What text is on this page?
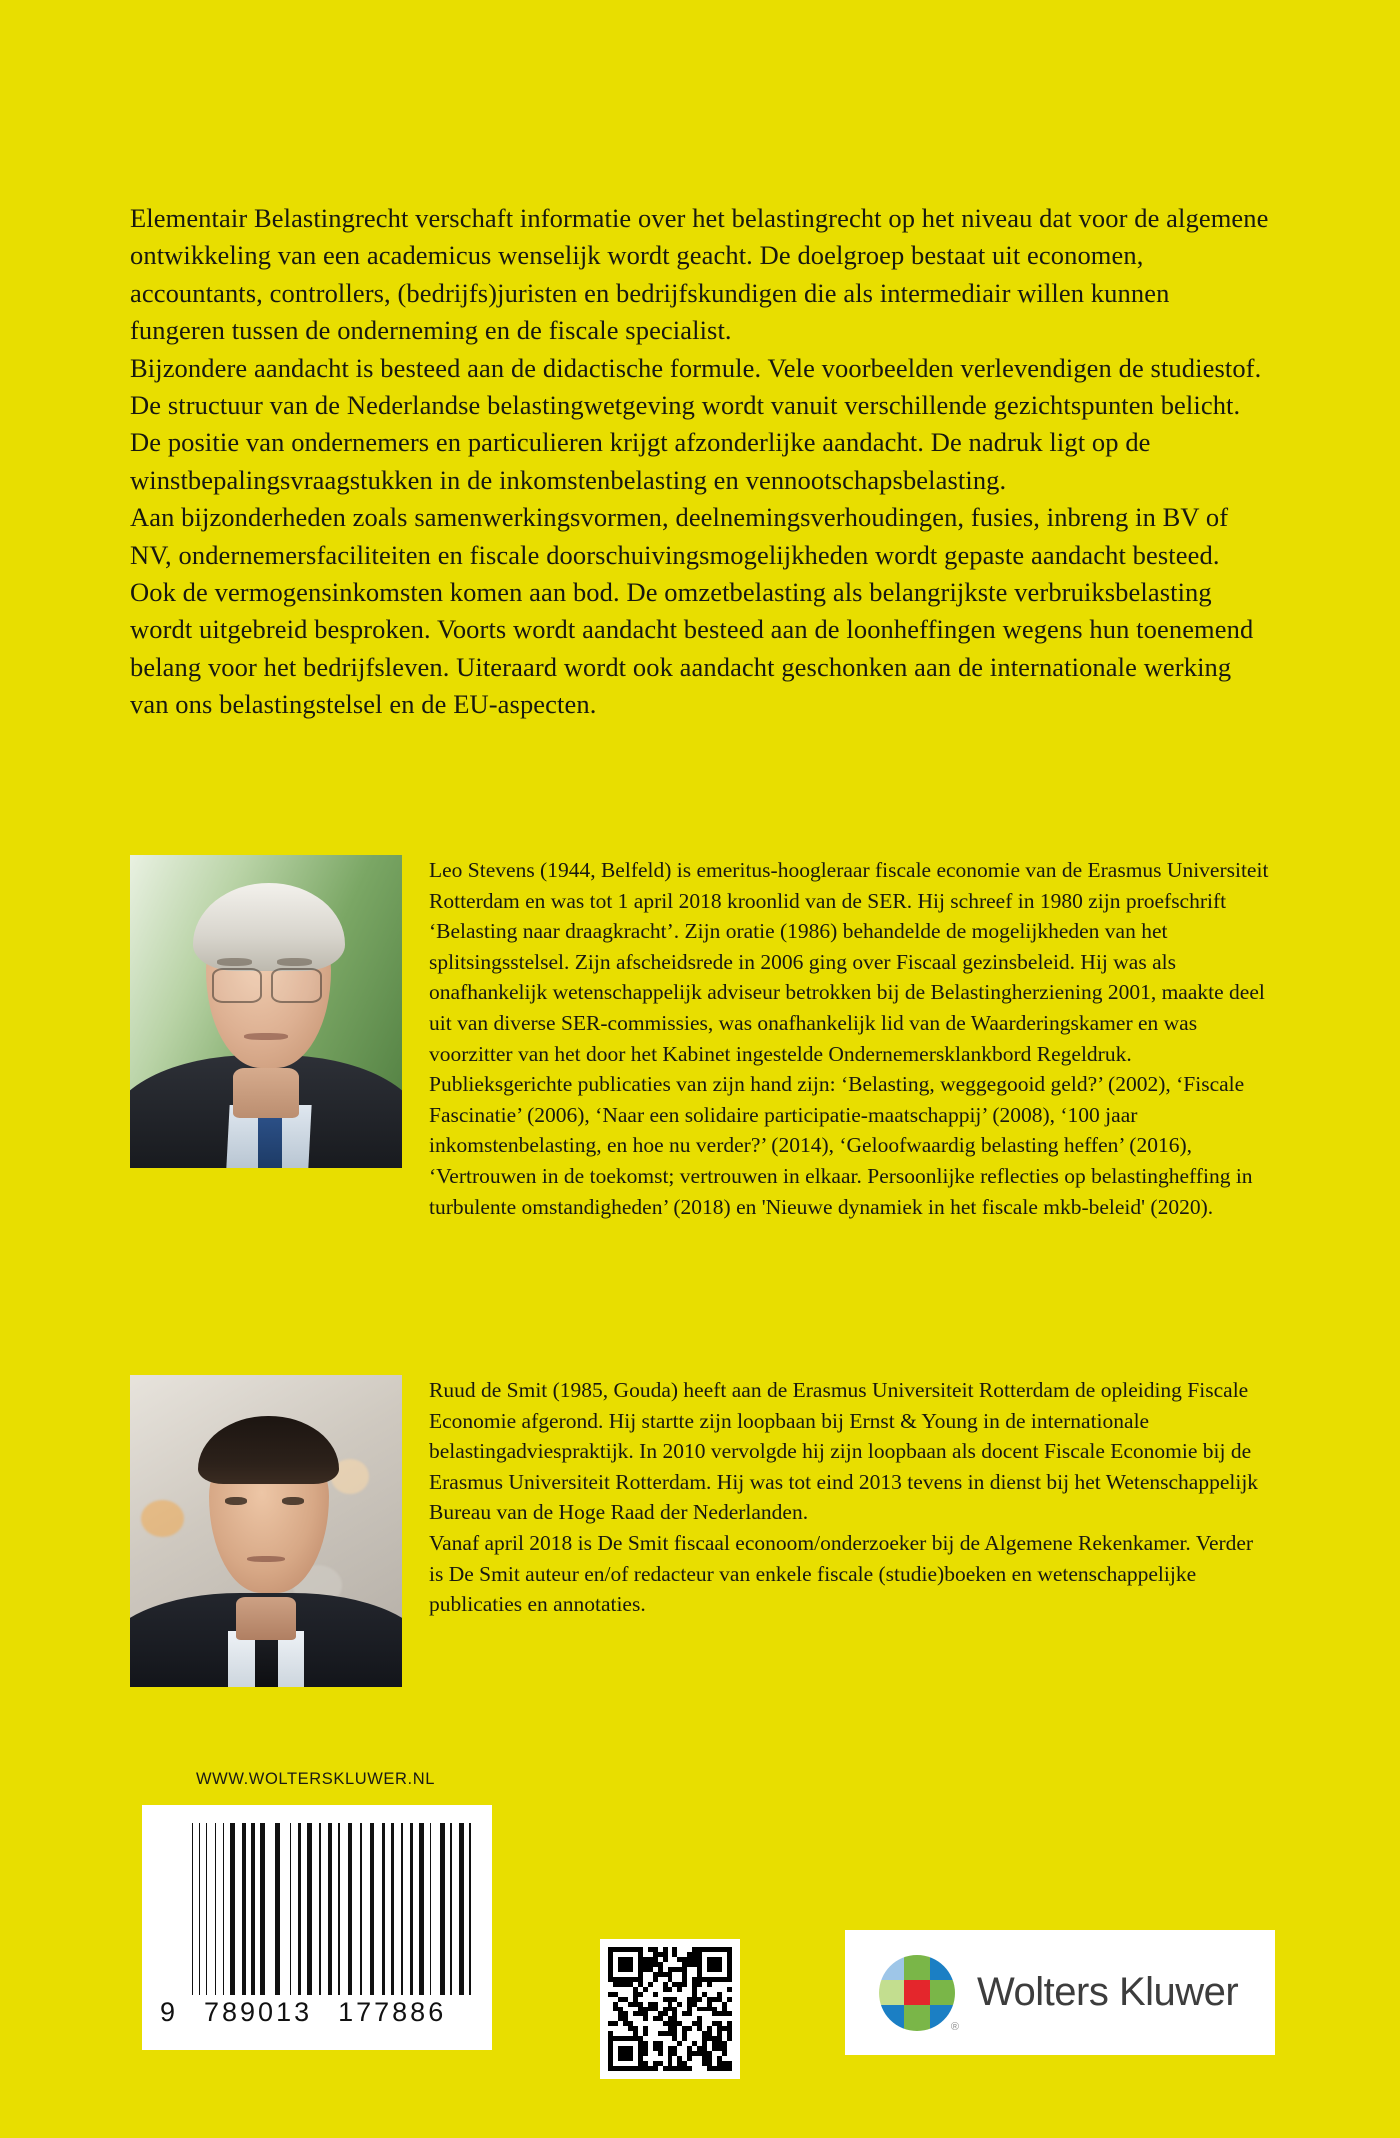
Elementair Belastingrecht verschaft informatie over het belastingrecht op het niveau dat voor de algemene ontwikkeling van een academicus wenselijk wordt geacht. De doelgroep bestaat uit economen, accountants, controllers, (bedrijfs)juristen en bedrijfskundigen die als intermediair willen kunnen fungeren tussen de onderneming en de fiscale specialist.

Bijzondere aandacht is besteed aan de didactische formule. Vele voorbeelden verlevendigen de studiestof. De structuur van de Nederlandse belastingwetgeving wordt vanuit verschillende gezichtspunten belicht. De positie van ondernemers en particulieren krijgt afzonderlijke aandacht. De nadruk ligt op de winstbepalingsvraagstukken in de inkomstenbelasting en vennootschapsbelasting.

Aan bijzonderheden zoals samenwerkingsvormen, deelnemingsverhoudingen, fusies, inbreng in BV of NV, ondernemersfaciliteiten en fiscale doorschuivingsmogelijkheden wordt gepaste aandacht besteed. Ook de vermogensinkomsten komen aan bod. De omzetbelasting als belangrijkste verbruiksbelasting wordt uitgebreid besproken. Voorts wordt aandacht besteed aan de loonheffingen wegens hun toenemend belang voor het bedrijfsleven. Uiteraard wordt ook aandacht geschonken aan de internationale werking van ons belastingstelsel en de EU-aspecten.

Leo Stevens (1944, Belfeld) is emeritus-hoogleraar fiscale economie van de Erasmus Universiteit Rotterdam en was tot 1 april 2018 kroonlid van de SER. Hij schreef in 1980 zijn proefschrift ‘Belasting naar draagkracht’. Zijn oratie (1986) behandelde de mogelijkheden van het splitsingsstelsel. Zijn afscheidsrede in 2006 ging over Fiscaal gezinsbeleid. Hij was als onafhankelijk wetenschappelijk adviseur betrokken bij de Belastingherziening 2001, maakte deel uit van diverse SER-commissies, was onafhankelijk lid van de Waarderingskamer en was voorzitter van het door het Kabinet ingestelde Ondernemersklankbord Regeldruk.

Publieksgerichte publicaties van zijn hand zijn: ‘Belasting, weggegooid geld?’ (2002), ‘Fiscale Fascinatie’ (2006), ‘Naar een solidaire participatie-maatschappij’ (2008), ‘100 jaar inkomstenbelasting, en hoe nu verder?’ (2014), ‘Geloofwaardig belasting heffen’ (2016), ‘Vertrouwen in de toekomst; vertrouwen in elkaar. Persoonlijke reflecties op belastingheffing in turbulente omstandigheden’ (2018) en 'Nieuwe dynamiek in het fiscale mkb-beleid' (2020).

Ruud de Smit (1985, Gouda) heeft aan de Erasmus Universiteit Rotterdam de opleiding Fiscale Economie afgerond. Hij startte zijn loopbaan bij Ernst & Young in de internationale belastingadviespraktijk. In 2010 vervolgde hij zijn loopbaan als docent Fiscale Economie bij de Erasmus Universiteit Rotterdam. Hij was tot eind 2013 tevens in dienst bij het Wetenschappelijk Bureau van de Hoge Raad der Nederlanden.

Vanaf april 2018 is De Smit fiscaal econoom/onderzoeker bij de Algemene Rekenkamer. Verder is De Smit auteur en/of redacteur van enkele fiscale (studie)boeken en wetenschappelijke publicaties en annotaties.

WWW.WOLTERSKLUWER.NL
9 789013 177886	®
Wolters Kluwer
